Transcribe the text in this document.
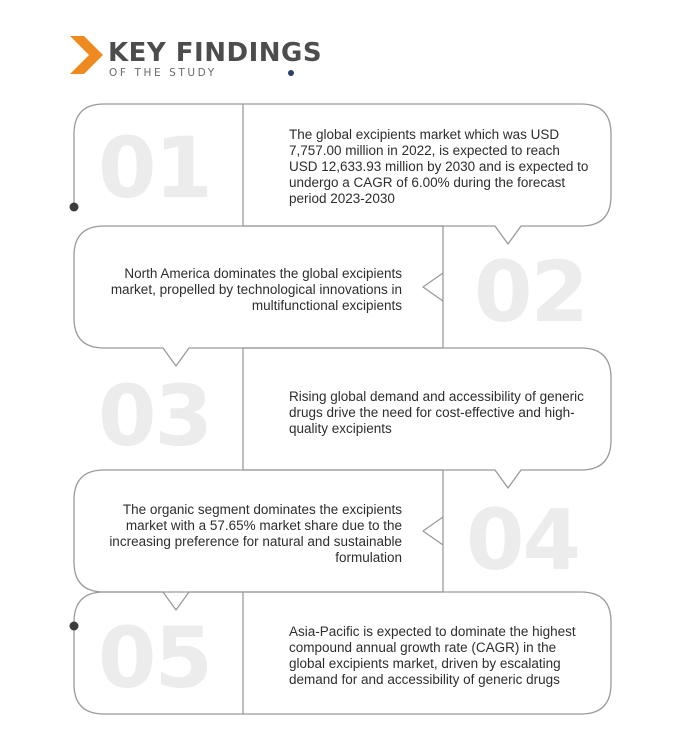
KEY FINDINGS
OF THE STUDY
01
02
03
04
05
The global excipients market which was USD 7,757.00 million in 2022, is expected to reach USD 12,633.93 million by 2030 and is expected to undergo a CAGR of 6.00% during the forecast period 2023-2030
North America dominates the global excipients market, propelled by technological innovations in multifunctional excipients
Rising global demand and accessibility of generic drugs drive the need for cost-effective and high-quality excipients
The organic segment dominates the excipients market with a 57.65% market share due to the increasing preference for natural and sustainable formulation
Asia-Pacific is expected to dominate the highest compound annual growth rate (CAGR) in the global excipients market, driven by escalating demand for and accessibility of generic drugs
